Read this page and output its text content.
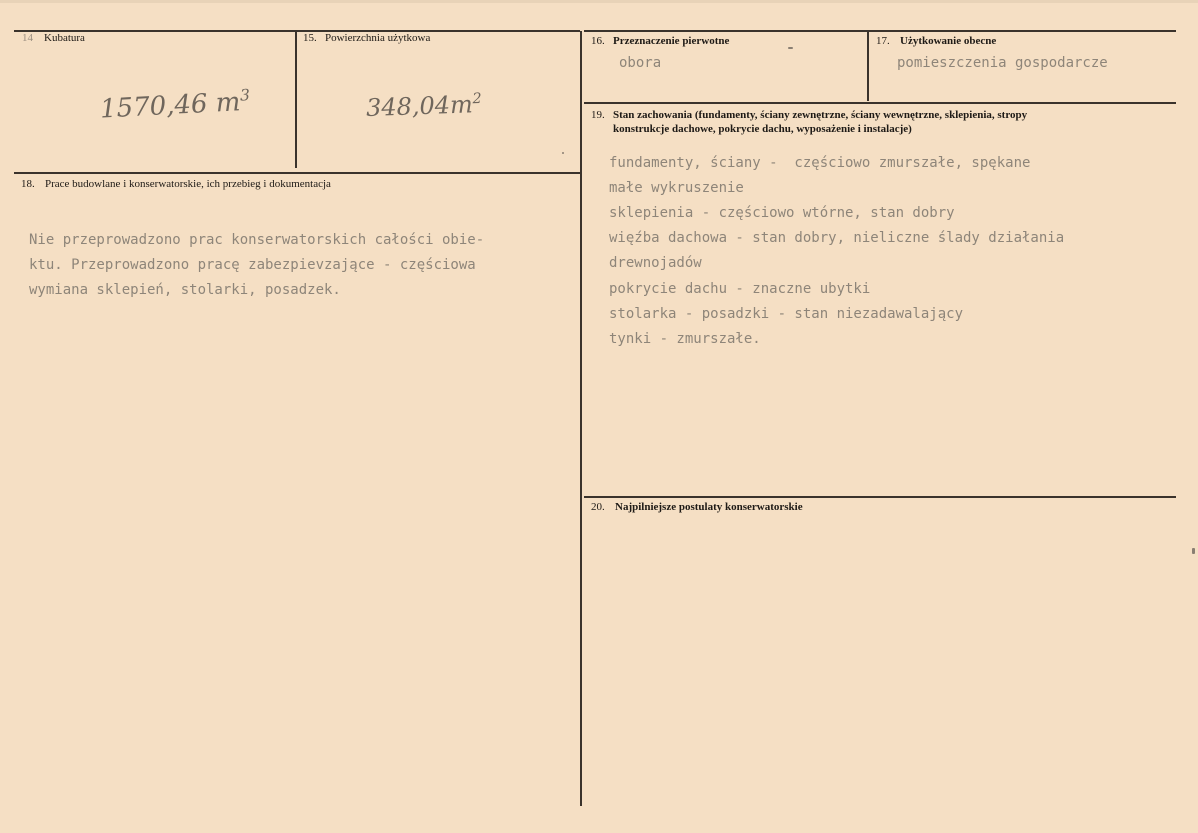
14 Kubatura
1570,46 $m^3$
15. Powierzchnia użytkowa
$348,04m^2$
16. Przeznaczenie pierwotne
obora
17. Użytkowanie obecne
pomieszczenia gospodarcze
18. Prace budowlane i konserwatorskie, ich przebieg i dokumentacja
Nie przeprowadzono prac konserwatorskich całości obie-
ktu. Przeprowadzono pracę zabezpievzające - częściowa
wymiana sklepień, stolarki, posadzek.
19. Stan zachowania (fundamenty, ściany zewnętrzne, ściany wewnętrzne, sklepienia, stropy
konstrukcje dachowe, pokrycie dachu, wyposażenie i instalacje)
fundamenty, ściany -  częściowo zmurszałe, spękane
małe wykruszenie
sklepienia - częściowo wtórne, stan dobry
więźba dachowa - stan dobry, nieliczne ślady działania
drewnojadów
pokrycie dachu - znaczne ubytki
stolarka - posadzki - stan niezadawalający
tynki - zmurszałe.
20. Najpilniejsze postulaty konserwatorskie
